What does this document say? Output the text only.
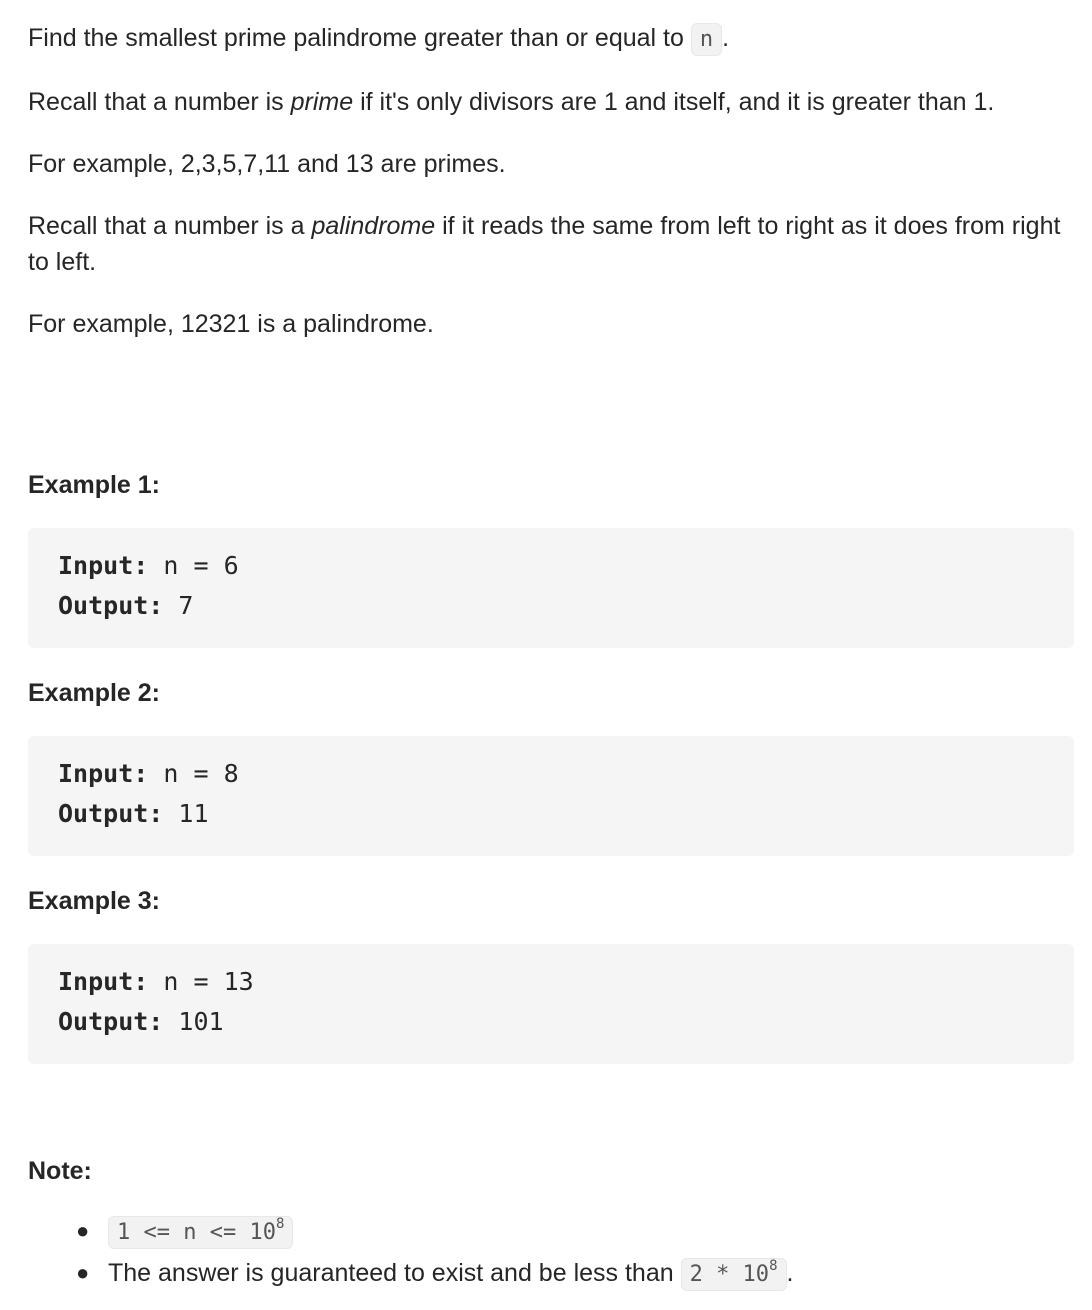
Find the smallest prime palindrome greater than or equal to n .

Recall that a number is prime if it's only divisors are 1 and itself, and it is greater than 1.

For example, 2,3,5,7,11 and 13 are primes.

Recall that a number is a palindrome if it reads the same from left to right as it does from right to left.

For example, 12321 is a palindrome.

Example 1:

Input: n = 6
Output: 7

Example 2:

Input: n = 8
Output: 11

Example 3:

Input: n = 13
Output: 101

Note:

● $1 <= n <= 10^8$
● The answer is guaranteed to exist and be less than $2 * 10^8$ .
